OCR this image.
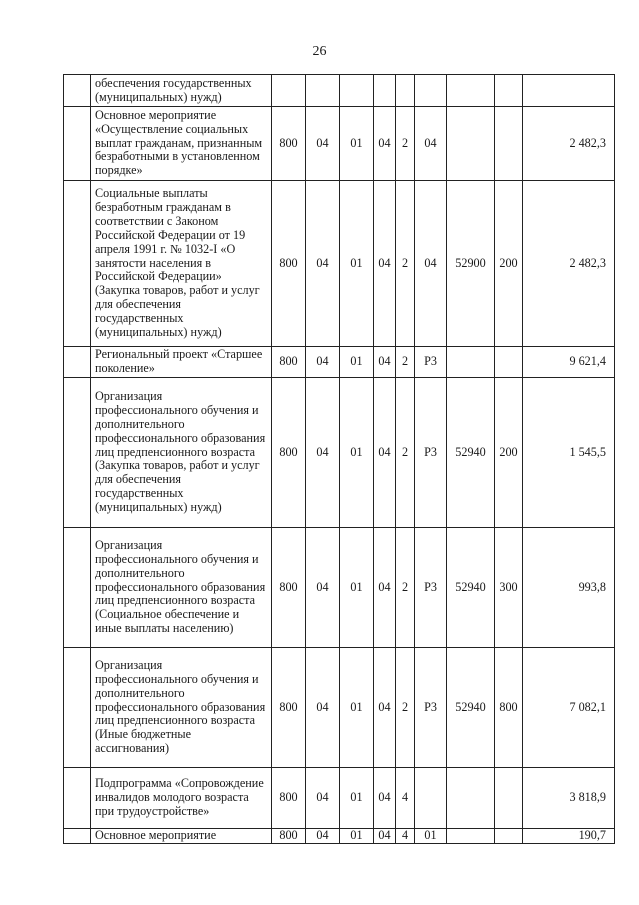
26
	обеспечения государственных (муниципальных) нужд)									
	Основное мероприятие «Осуществление социальных выплат гражданам, признанным безработными в установленном порядке»	800	04	01	04	2	04			2 482,3
	Социальные выплаты безработным гражданам в соответствии с Законом Российской Федерации от 19 апреля 1991 г. № 1032-I «О занятости населения в Российской Федерации» (Закупка товаров, работ и услуг для обеспечения государственных (муниципальных) нужд)	800	04	01	04	2	04	52900	200	2 482,3
	Региональный проект «Старшее поколение»	800	04	01	04	2	P3			9 621,4
	Организация профессионального обучения и дополнительного профессионального образования лиц предпенсионного возраста (Закупка товаров, работ и услуг для обеспечения государственных (муниципальных) нужд)	800	04	01	04	2	P3	52940	200	1 545,5
	Организация профессионального обучения и дополнительного профессионального образования лиц предпенсионного возраста (Социальное обеспечение и иные выплаты населению)	800	04	01	04	2	P3	52940	300	993,8
	Организация профессионального обучения и дополнительного профессионального образования лиц предпенсионного возраста (Иные бюджетные ассигнования)	800	04	01	04	2	P3	52940	800	7 082,1
	Подпрограмма «Сопровождение инвалидов молодого возраста при трудоустройстве»	800	04	01	04	4				3 818,9
	Основное мероприятие	800	04	01	04	4	01			190,7
